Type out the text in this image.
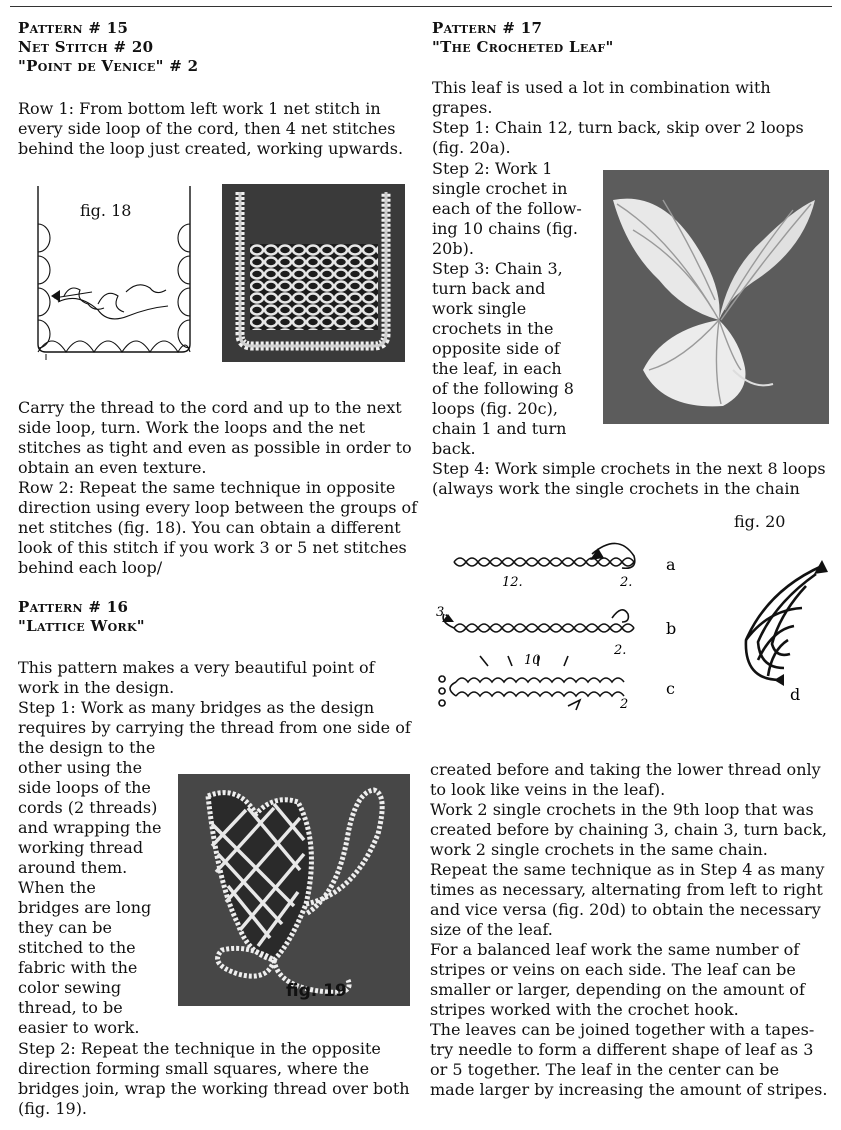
Pattern # 15
Net Stitch # 20
"Point de Venice" # 2
Row 1: From bottom left work 1 net stitch in
every side loop of the cord, then 4 net stitches
behind the loop just created, working upwards.
fig. 18
Carry the thread to the cord and up to the next
side loop, turn. Work the loops and the net
stitches as tight and even as possible in order to
obtain an even texture.
Row 2: Repeat the same technique in opposite
direction using every loop between the groups of
net stitches (fig. 18). You can obtain a different
look of this stitch if you work 3 or 5 net stitches
behind each loop/
Pattern # 16
"Lattice Work"
This pattern makes a very beautiful point of
work in the design.
Step 1: Work as many bridges as the design
requires by carrying the thread from one side of
the design to the
other using the
side loops of the
cords (2 threads)
and wrapping the
working thread
around them.
When the
bridges are long
they can be
stitched to the
fabric with the
color sewing
thread, to be
easier to work.
fig. 19
Step 2: Repeat the technique in the opposite
direction forming small squares, where the
bridges join, wrap the working thread over both
(fig. 19).
Pattern # 17
"The Crocheted Leaf"
This leaf is used a lot in combination with
grapes.
Step 1: Chain 12, turn back, skip over 2 loops
(fig. 20a).
Step 2: Work 1
single crochet in
each of the follow-
ing 10 chains (fig.
20b).
Step 3: Chain 3,
turn back and
work single
crochets in the
opposite side of
the leaf, in each
of the following 8
loops (fig. 20c),
chain 1 and turn
back.
Step 4: Work simple crochets in the next 8 loops
(always work the single crochets in the chain
fig. 20
12.	2.
a
3.
2.
b
10
2
c	d
created before and taking the lower thread only
to look like veins in the leaf).
Work 2 single crochets in the 9th loop that was
created before by chaining 3, chain 3, turn back,
work 2 single crochets in the same chain.
Repeat the same technique as in Step 4 as many
times as necessary, alternating from left to right
and vice versa (fig. 20d) to obtain the necessary
size of the leaf.
For a balanced leaf work the same number of
stripes or veins on each side. The leaf can be
smaller or larger, depending on the amount of
stripes worked with the crochet hook.
The leaves can be joined together with a tapes-
try needle to form a different shape of leaf as 3
or 5 together. The leaf in the center can be
made larger by increasing the amount of stripes.
